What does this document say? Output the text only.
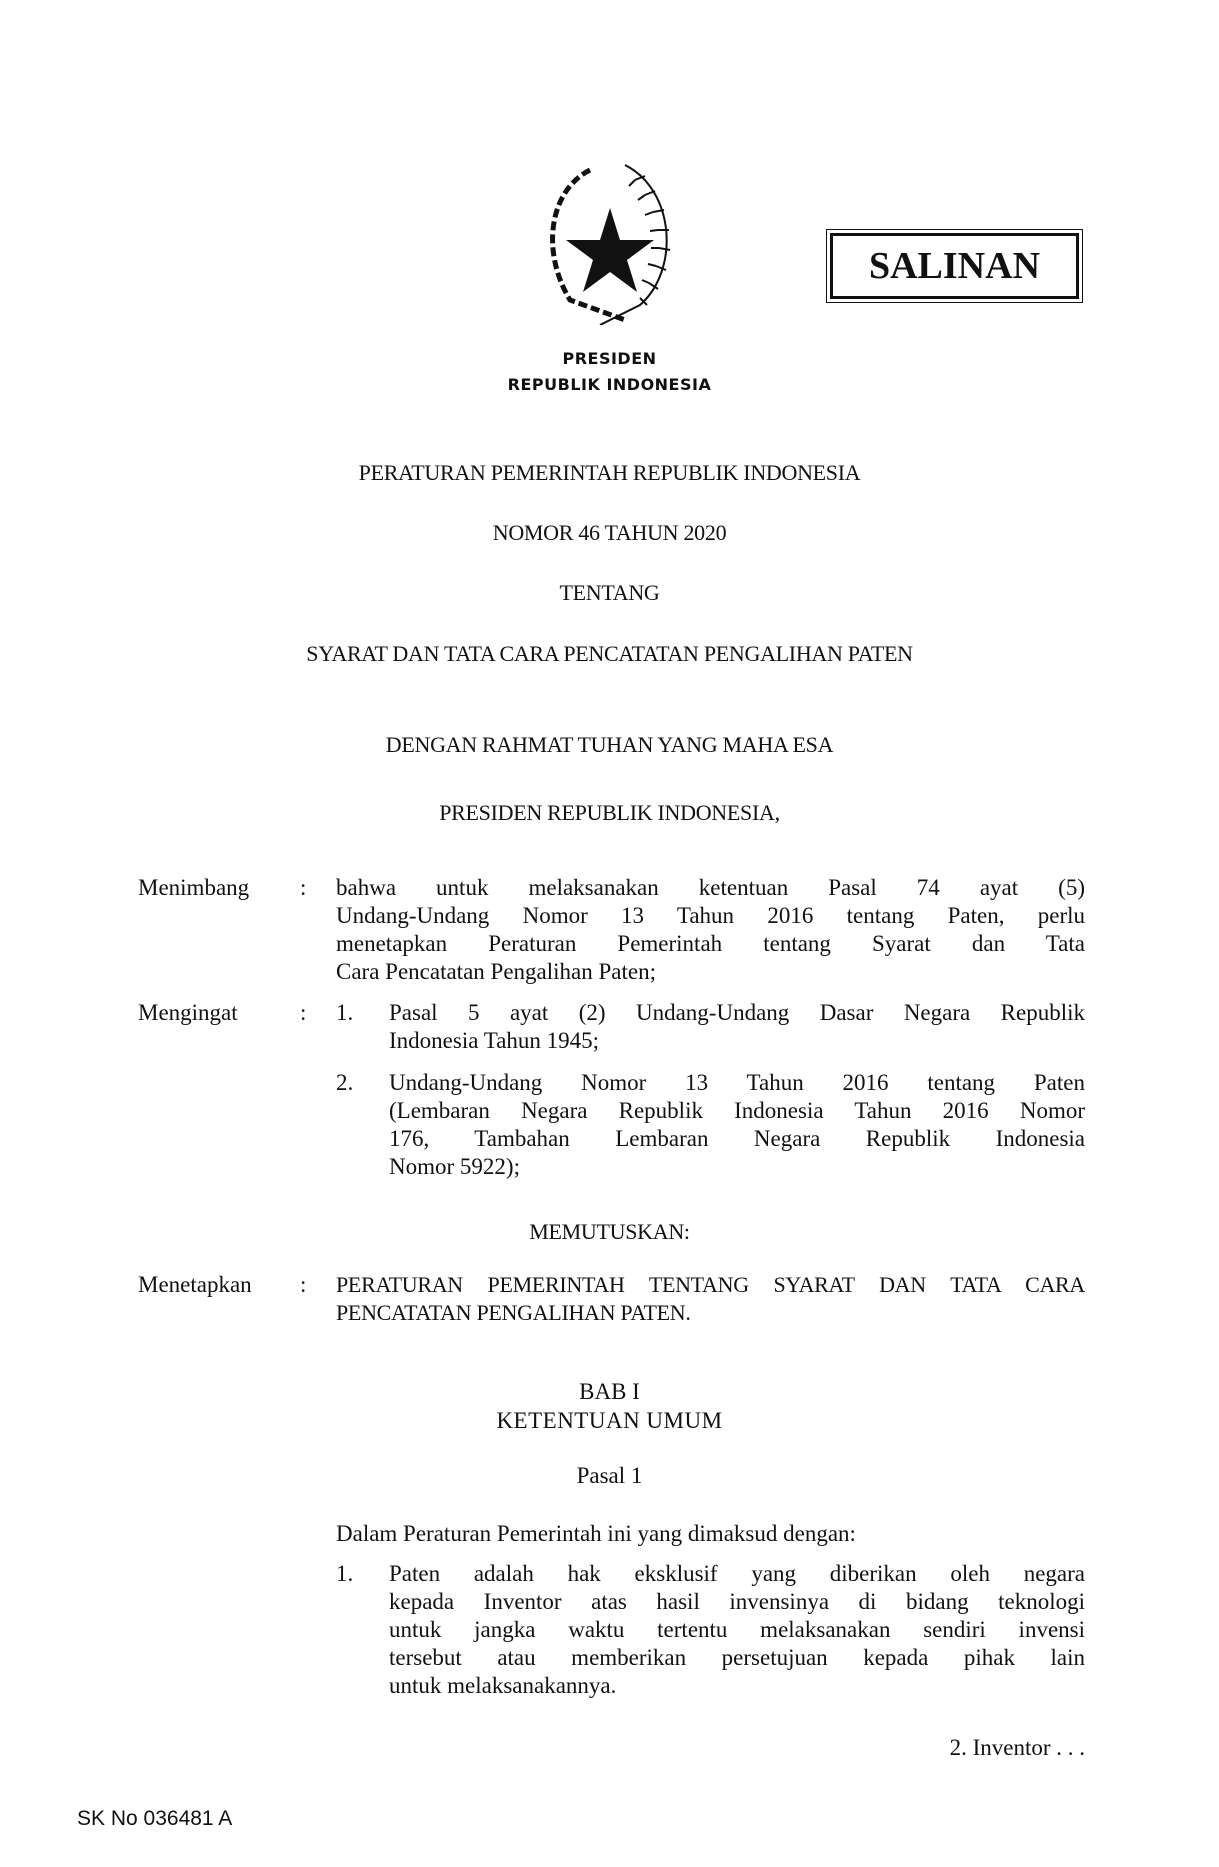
SALINAN
PRESIDEN
REPUBLIK INDONESIA
PERATURAN PEMERINTAH REPUBLIK INDONESIA
NOMOR 46 TAHUN 2020
TENTANG
SYARAT DAN TATA CARA PENCATATAN PENGALIHAN PATEN
DENGAN RAHMAT TUHAN YANG MAHA ESA
PRESIDEN REPUBLIK INDONESIA,
Menimbang : bahwa untuk melaksanakan ketentuan Pasal 74 ayat (5)
Undang-Undang Nomor 13 Tahun 2016 tentang Paten, perlu
menetapkan Peraturan Pemerintah tentang Syarat dan Tata
Cara Pencatatan Pengalihan Paten;
Mengingat	: 1. Pasal 5 ayat (2) Undang-Undang Dasar Negara Republik
Indonesia Tahun 1945;
2. Undang-Undang Nomor 13 Tahun 2016 tentang Paten
(Lembaran Negara Republik Indonesia Tahun 2016 Nomor
176, Tambahan Lembaran Negara Republik Indonesia
Nomor 5922);
MEMUTUSKAN:
Menetapkan : PERATURAN PEMERINTAH TENTANG SYARAT DAN TATA CARA
PENCATATAN PENGALIHAN PATEN.
BAB I
KETENTUAN UMUM
Pasal 1
Dalam Peraturan Pemerintah ini yang dimaksud dengan:
1. Paten adalah hak eksklusif yang diberikan oleh negara
kepada Inventor atas hasil invensinya di bidang teknologi
untuk jangka waktu tertentu melaksanakan sendiri invensi
tersebut atau memberikan persetujuan kepada pihak lain
untuk melaksanakannya.
2. Inventor . . .
SK No 036481 A
